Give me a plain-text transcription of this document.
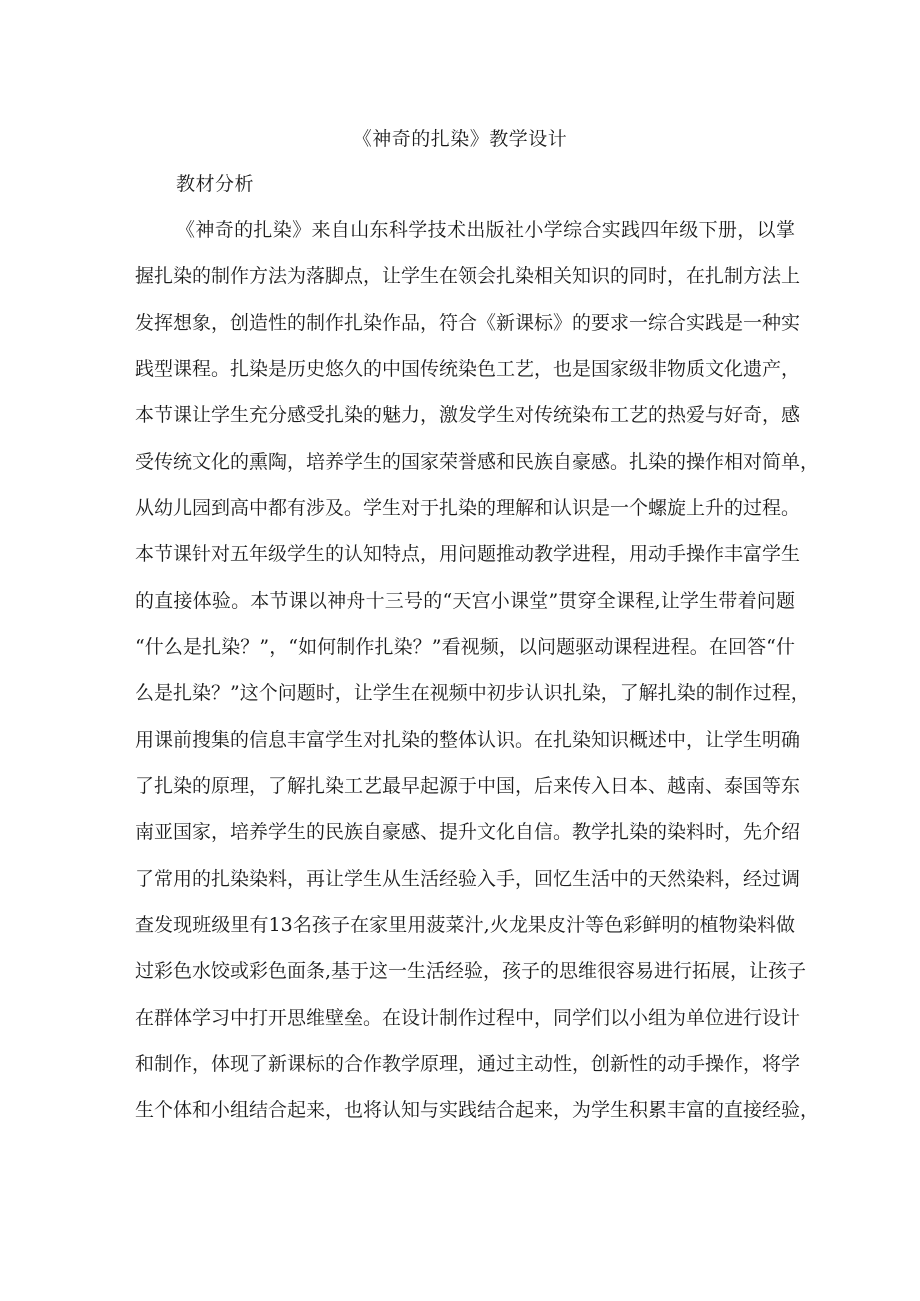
《神奇的扎染》教学设计
教材分析
《神奇的扎染》来自山东科学技术出版社小学综合实践四年级下册，以掌
握扎染的制作方法为落脚点，让学生在领会扎染相关知识的同时，在扎制方法上
发挥想象，创造性的制作扎染作品，符合《新课标》的要求一综合实践是一种实
践型课程。扎染是历史悠久的中国传统染色工艺，也是国家级非物质文化遗产，
本节课让学生充分感受扎染的魅力，激发学生对传统染布工艺的热爱与好奇，感
受传统文化的熏陶，培养学生的国家荣誉感和民族自豪感。扎染的操作相对简单，
从幼儿园到高中都有涉及。学生对于扎染的理解和认识是一个螺旋上升的过程。
本节课针对五年级学生的认知特点，用问题推动教学进程，用动手操作丰富学生
的直接体验。本节课以神舟十三号的“天宫小课堂”贯穿全课程,让学生带着问题
“什么是扎染？”，“如何制作扎染？”看视频，以问题驱动课程进程。在回答“什
么是扎染？”这个问题时，让学生在视频中初步认识扎染，了解扎染的制作过程，
用课前搜集的信息丰富学生对扎染的整体认识。在扎染知识概述中，让学生明确
了扎染的原理，了解扎染工艺最早起源于中国，后来传入日本、越南、泰国等东
南亚国家，培养学生的民族自豪感、提升文化自信。教学扎染的染料时，先介绍
了常用的扎染染料，再让学生从生活经验入手，回忆生活中的天然染料，经过调
查发现班级里有13名孩子在家里用菠菜汁,火龙果皮汁等色彩鲜明的植物染料做
过彩色水饺或彩色面条,基于这一生活经验，孩子的思维很容易进行拓展，让孩子
在群体学习中打开思维壁垒。在设计制作过程中，同学们以小组为单位进行设计
和制作，体现了新课标的合作教学原理，通过主动性，创新性的动手操作，将学
生个体和小组结合起来，也将认知与实践结合起来，为学生积累丰富的直接经验，
